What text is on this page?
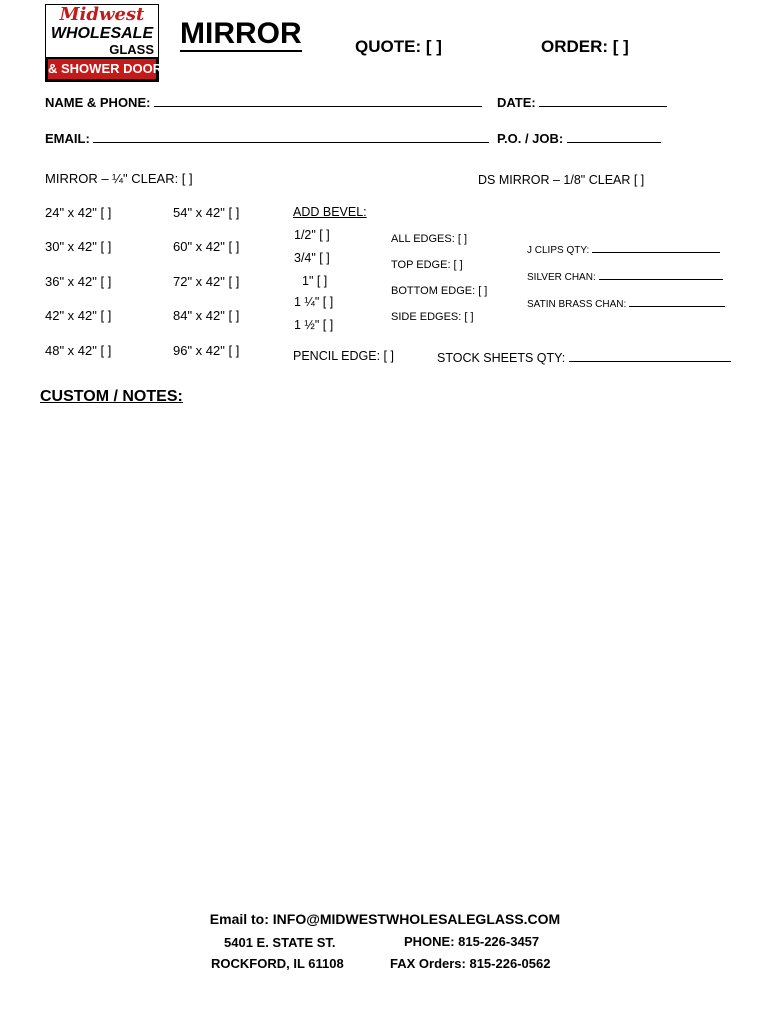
Midwest
WHOLESALE
GLASS
& SHOWER DOORS
MIRROR	QUOTE: [ ]	ORDER: [ ]
NAME & PHONE:	DATE:
EMAIL:	P.O. / JOB:
MIRROR – ¼" CLEAR: [ ]	DS MIRROR – 1/8" CLEAR [ ]
24" x 42" [ ]
30" x 42" [ ]
36" x 42" [ ]
42" x 42" [ ]
48" x 42" [ ]
54" x 42" [ ]
60" x 42" [ ]
72" x 42" [ ]
84" x 42" [ ]
96" x 42" [ ]
ADD BEVEL:
1/2" [ ]
3/4" [ ]
1" [ ]
1 ¼" [ ]
1 ½" [ ]
ALL EDGES: [ ]
TOP EDGE: [ ]
BOTTOM EDGE: [ ]
SIDE EDGES: [ ]
J CLIPS QTY:
SILVER CHAN:
SATIN BRASS CHAN:
PENCIL EDGE: [ ]	STOCK SHEETS QTY:
CUSTOM / NOTES:
Email to: INFO@MIDWESTWHOLESALEGLASS.COM
5401 E. STATE ST.
ROCKFORD, IL 61108
PHONE: 815-226-3457
FAX Orders: 815-226-0562
